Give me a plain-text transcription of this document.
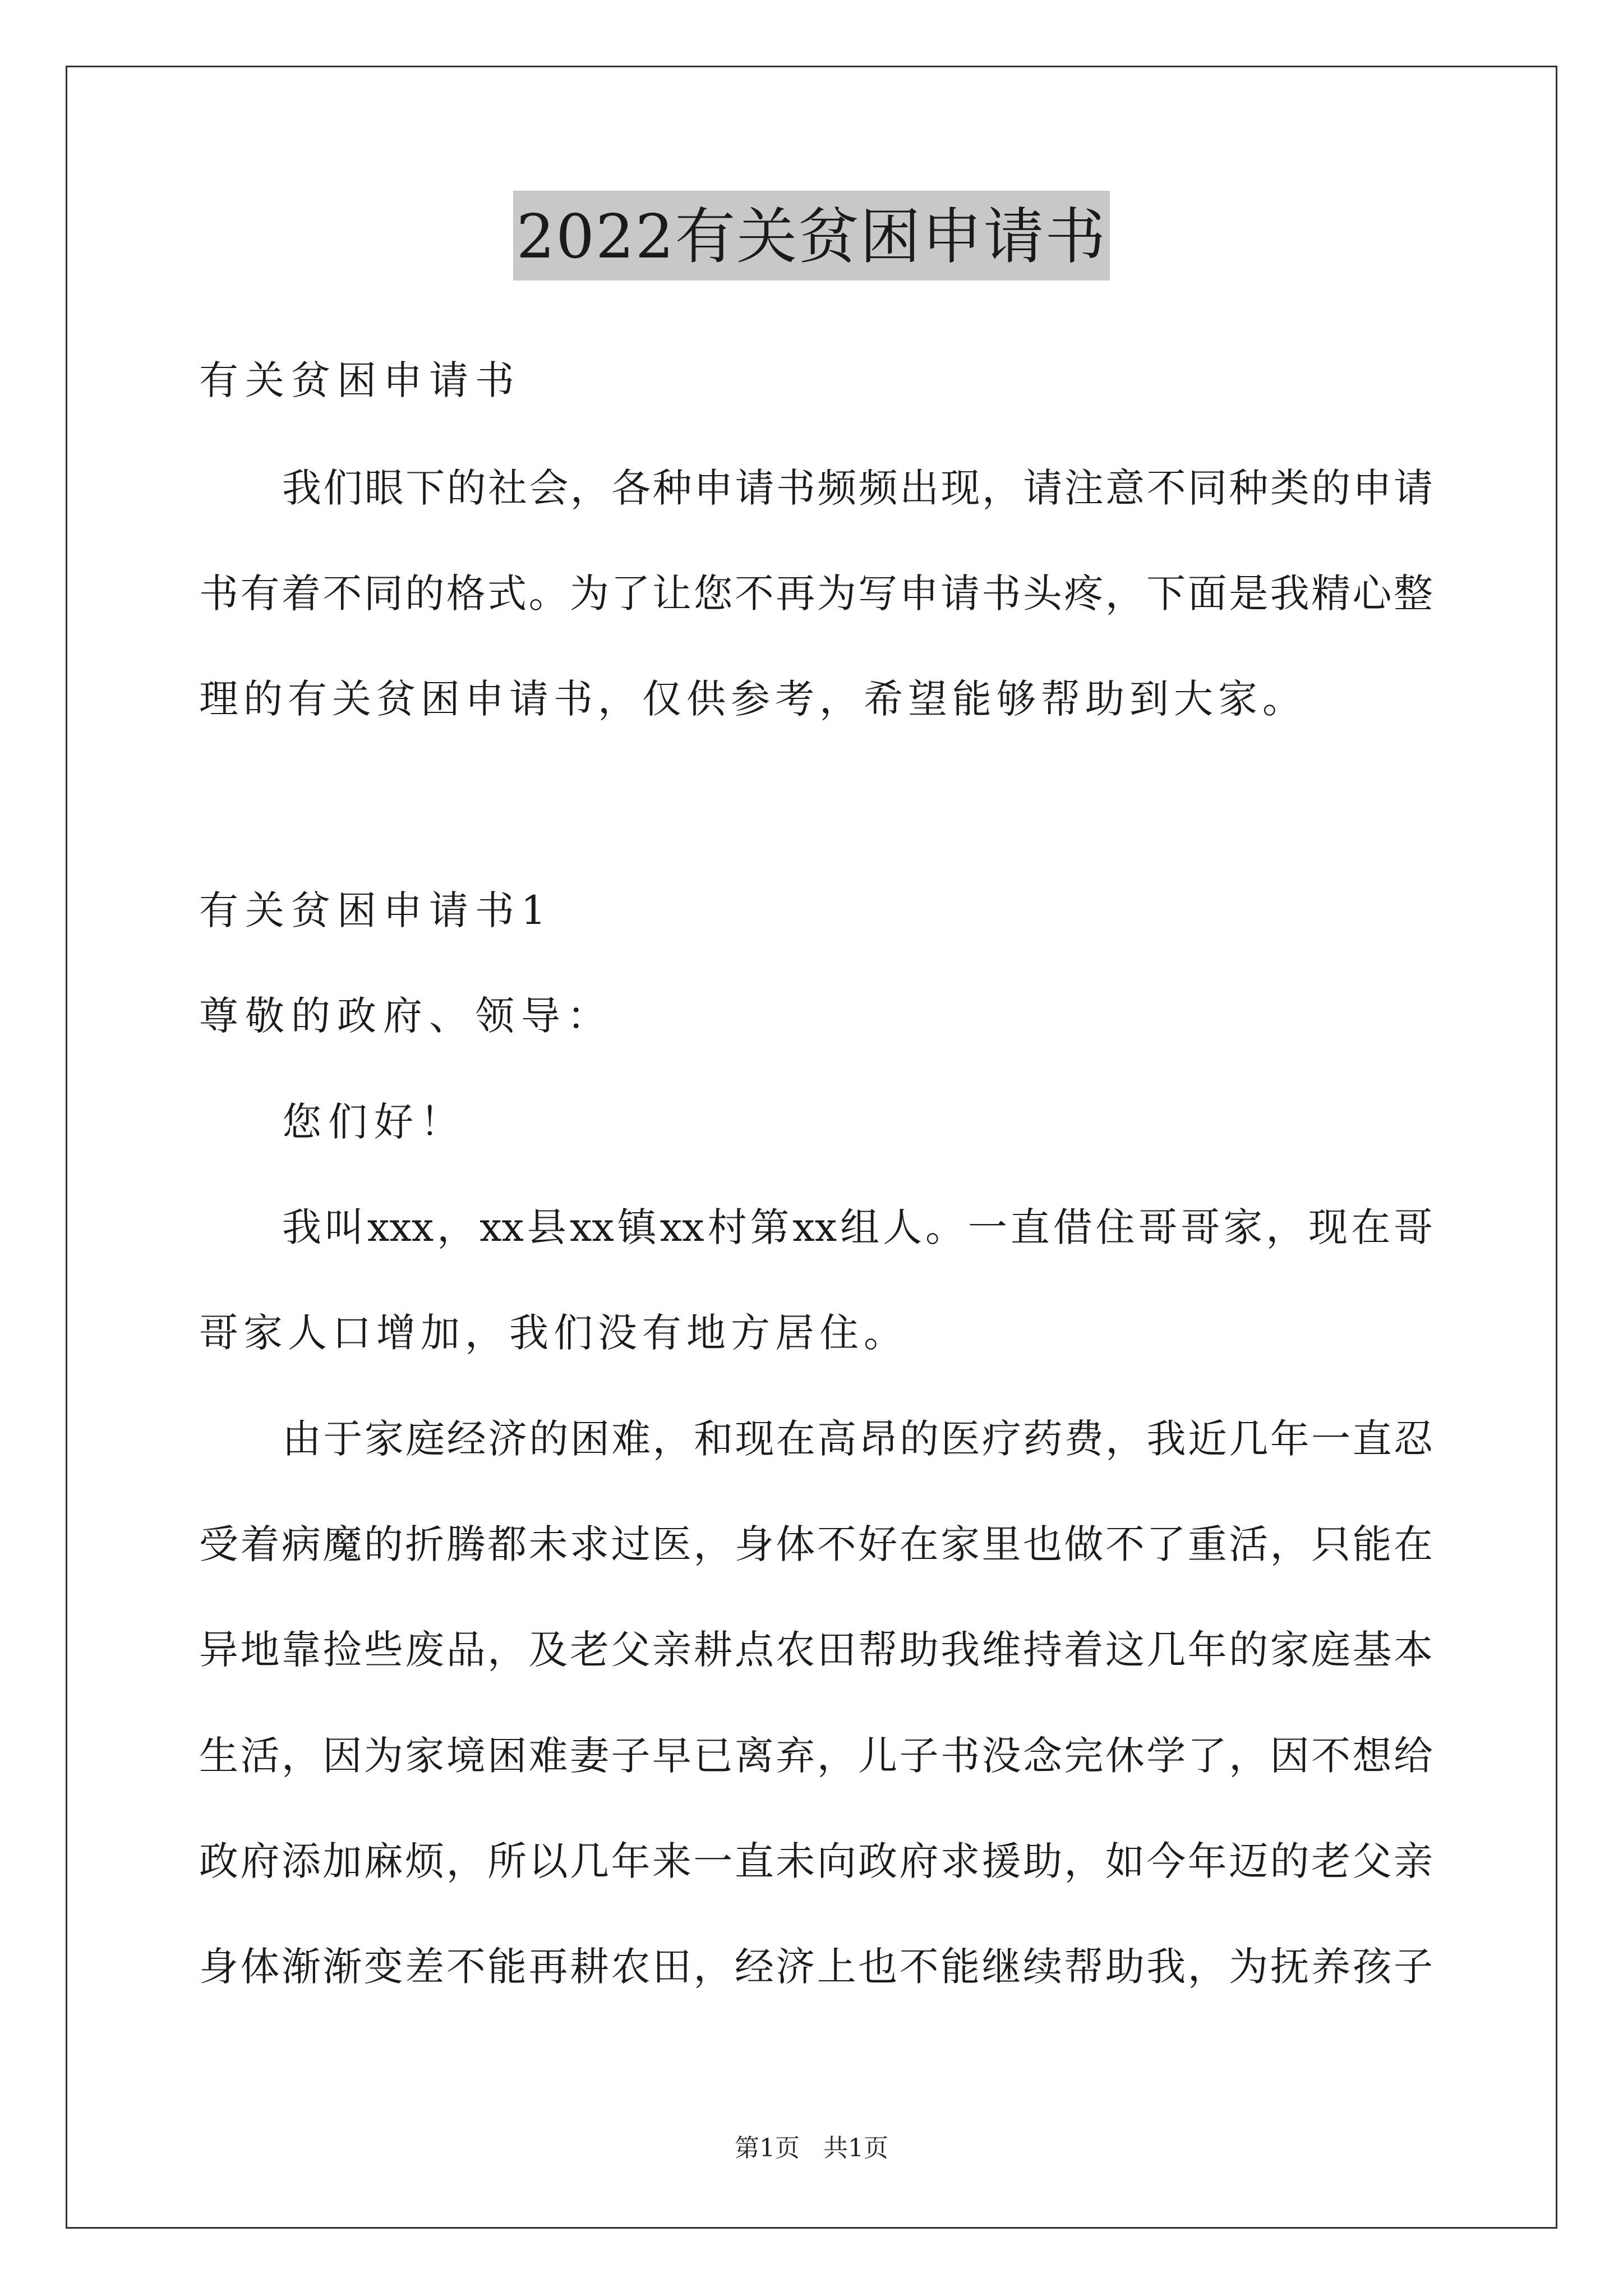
2022有关贫困申请书
有关贫困申请书
我们眼下的社会，各种申请书频频出现，请注意不同种类的申请
书有着不同的格式。为了让您不再为写申请书头疼，下面是我精心整
理的有关贫困申请书，仅供参考，希望能够帮助到大家。
有关贫困申请书1
尊敬的政府、领导：
您们好！
我叫xxx，xx县xx镇xx村第xx组人。一直借住哥哥家，现在哥
哥家人口增加，我们没有地方居住。
由于家庭经济的困难，和现在高昂的医疗药费，我近几年一直忍
受着病魔的折腾都未求过医，身体不好在家里也做不了重活，只能在
异地靠捡些废品，及老父亲耕点农田帮助我维持着这几年的家庭基本
生活，因为家境困难妻子早已离弃，儿子书没念完休学了，因不想给
政府添加麻烦，所以几年来一直未向政府求援助，如今年迈的老父亲
身体渐渐变差不能再耕农田，经济上也不能继续帮助我，为抚养孩子
第1页   共1页
